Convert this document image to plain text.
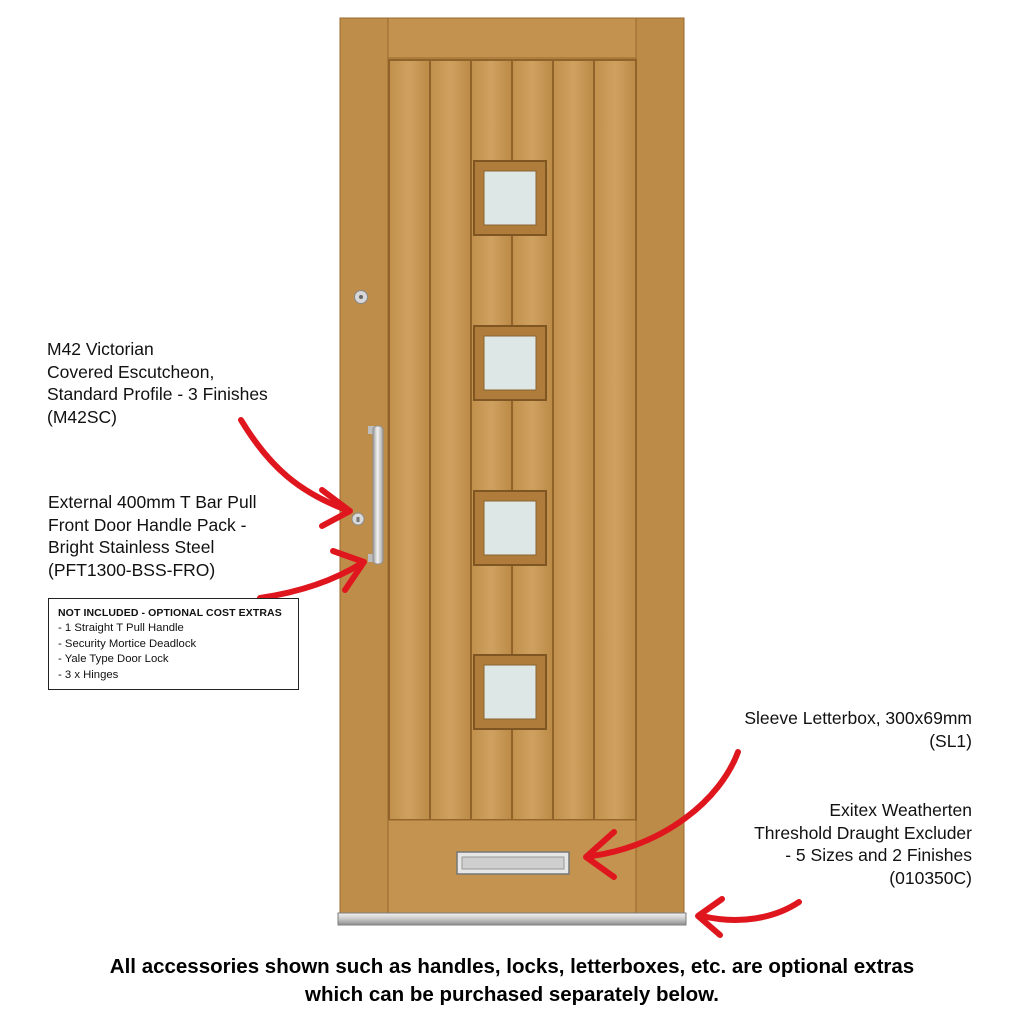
M42 Victorian
Covered Escutcheon,
Standard Profile - 3 Finishes
(M42SC)
External 400mm T Bar Pull
Front Door Handle Pack -
Bright Stainless Steel
(PFT1300-BSS-FRO)
NOT INCLUDED - OPTIONAL COST EXTRAS
- 1 Straight T Pull Handle
- Security Mortice Deadlock
- Yale Type Door Lock
- 3 x Hinges
Sleeve Letterbox, 300x69mm
(SL1)
Exitex Weatherten
Threshold Draught Excluder
- 5 Sizes and 2 Finishes
(010350C)
All accessories shown such as handles, locks, letterboxes, etc. are optional extras
which can be purchased separately below.
